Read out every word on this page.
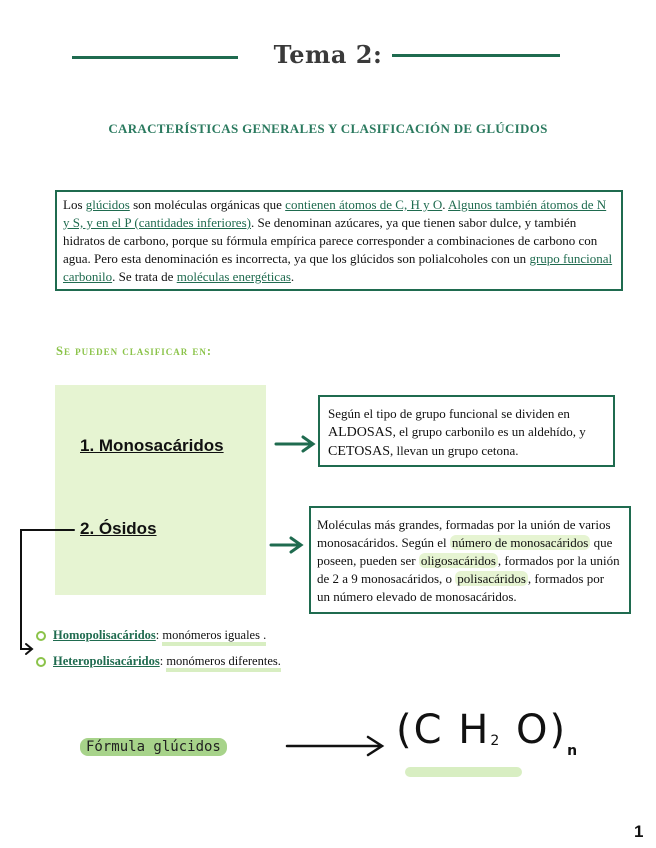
Tema 2:
CARACTERÍSTICAS GENERALES Y CLASIFICACIÓN DE GLÚCIDOS
Los glúcidos son moléculas orgánicas que contienen átomos de C, H y O. Algunos también átomos de N y S, y en el P (cantidades inferiores). Se denominan azúcares, ya que tienen sabor dulce, y también hidratos de carbono, porque su fórmula empírica parece corresponder a combinaciones de carbono con agua. Pero esta denominación es incorrecta, ya que los glúcidos son polialcoholes con un grupo funcional carbonilo. Se trata de moléculas energéticas.
Se pueden clasificar en:
1. Monosacáridos
2. Ósidos
Según el tipo de grupo funcional se dividen en ALDOSAS, el grupo carbonilo es un aldehído, y CETOSAS, llevan un grupo cetona.
Moléculas más grandes, formadas por la unión de varios monosacáridos. Según el número de monosacáridos que poseen, pueden ser oligosacáridos , formados por la unión de 2 a 9 monosacáridos, o polisacáridos , formados por un número elevado de monosacáridos.
Homopolisacáridos: monómeros iguales .
Heteropolisacáridos: monómeros diferentes.
Fórmula glúcidos	(C H2 $O)_n$
1
